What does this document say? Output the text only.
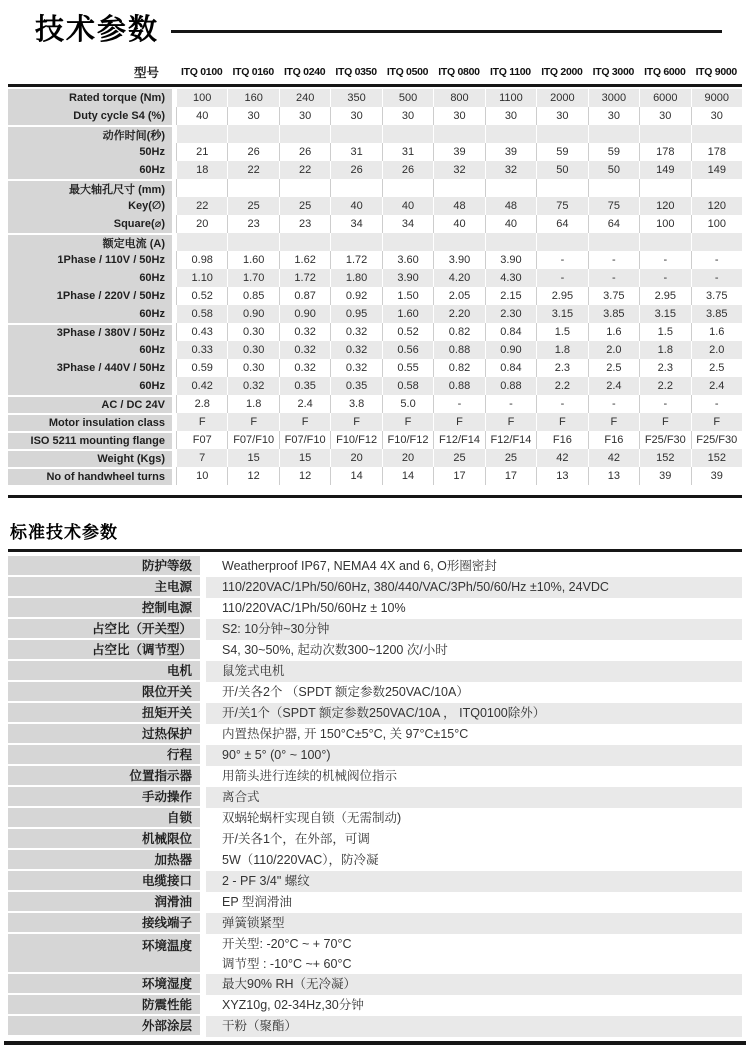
技术参数
型号	ITQ 0100 ITQ 0160 ITQ 0240 ITQ 0350 ITQ 0500 ITQ 0800 ITQ 1100 ITQ 2000 ITQ 3000 ITQ 6000 ITQ 9000
Rated torque (Nm)	100	160	240	350	500	800	1100	2000	3000	6000	9000
Duty cycle S4 (%)	40	30	30	30	30	30	30	30	30	30	30
动作时间(秒)
50Hz	21	26	26	31	31	39	39	59	59	178	178
60Hz	18	22	22	26	26	32	32	50	50	149	149
最大轴孔尺寸 (mm)
Key(∅)	22	25	25	40	40	48	48	75	75	120	120
Square(⌀)	20	23	23	34	34	40	40	64	64	100	100
额定电流 (A)
1Phase / 110V / 50Hz	0.98	1.60	1.62	1.72	3.60	3.90	3.90	-	-	-	-
60Hz	1.10	1.70	1.72	1.80	3.90	4.20	4.30	-	-	-	-
1Phase / 220V / 50Hz	0.52	0.85	0.87	0.92	1.50	2.05	2.15	2.95	3.75	2.95	3.75
60Hz	0.58	0.90	0.90	0.95	1.60	2.20	2.30	3.15	3.85	3.15	3.85
3Phase / 380V / 50Hz	0.43	0.30	0.32	0.32	0.52	0.82	0.84	1.5	1.6	1.5	1.6
60Hz	0.33	0.30	0.32	0.32	0.56	0.88	0.90	1.8	2.0	1.8	2.0
3Phase / 440V / 50Hz	0.59	0.30	0.32	0.32	0.55	0.82	0.84	2.3	2.5	2.3	2.5
60Hz	0.42	0.32	0.35	0.35	0.58	0.88	0.88	2.2	2.4	2.2	2.4
AC / DC 24V	2.8	1.8	2.4	3.8	5.0	-	-	-	-	-	-
Motor insulation class	F	F	F	F	F	F	F	F	F	F	F
ISO 5211 mounting flange	F07	F07/F10 F07/F10 F10/F12 F10/F12 F12/F14 F12/F14	F16	F16	F25/F30 F25/F30
Weight (Kgs)	7	15	15	20	20	25	25	42	42	152	152
No of handwheel turns	10	12	12	14	14	17	17	13	13	39	39
标准技术参数
防护等级	Weatherproof IP67, NEMA4 4X and 6, O形圈密封
主电源	110/220VAC/1Ph/50/60Hz, 380/440/VAC/3Ph/50/60/Hz ±10%, 24VDC
控制电源	110/220VAC/1Ph/50/60Hz ± 10%
占空比（开关型）	S2: 10分钟~30分钟
占空比（调节型）	S4, 30~50%, 起动次数300~1200 次/小时
电机	鼠笼式电机
限位开关	开/关各2个 （SPDT 额定参数250VAC/10A）
扭矩开关	开/关1个（SPDT 额定参数250VAC/10A ， ITQ0100除外）
过热保护	内置热保护器, 开 150°C±5°C, 关 97°C±15°C
行程	90° ± 5° (0° ~ 100°)
位置指示器	用箭头进行连续的机械阀位指示
手动操作	离合式
自锁	双蜗轮蜗杆实现自锁（无需制动)
机械限位	开/关各1个，在外部，可调
加热器	5W（110/220VAC），防冷凝
电缆接口	2 - PF 3/4" 螺纹
润滑油	EP 型润滑油
接线端子	弹簧锁紧型
环境温度	开关型: -20°C ~ + 70°C
调节型 : -10°C ~+ 60°C
环境湿度	最大90% RH（无冷凝）
防震性能	XYZ10g, 02-34Hz,30分钟
外部涂层	干粉（聚酯）
